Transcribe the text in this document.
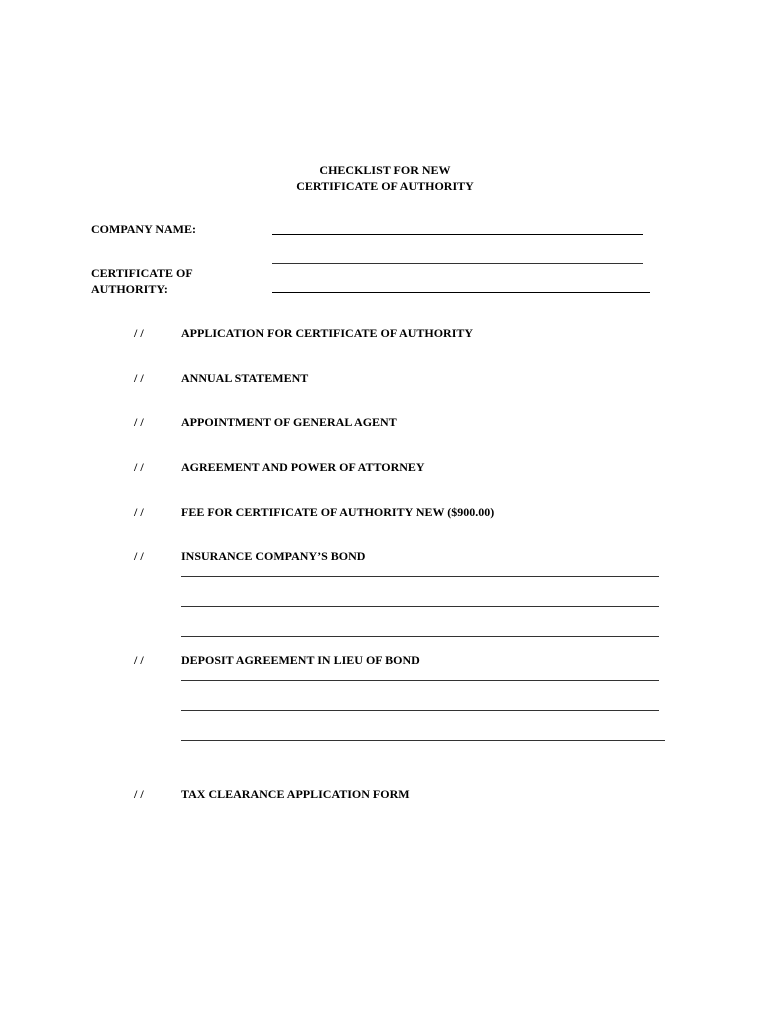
CHECKLIST FOR NEW
CERTIFICATE OF AUTHORITY
COMPANY NAME:
CERTIFICATE OF
AUTHORITY:
/ /	APPLICATION FOR CERTIFICATE OF AUTHORITY
/ /	ANNUAL STATEMENT
/ /	APPOINTMENT OF GENERAL AGENT
/ /	AGREEMENT AND POWER OF ATTORNEY
/ /	FEE FOR CERTIFICATE OF AUTHORITY NEW ($900.00)
/ /	INSURANCE COMPANY’S BOND
/ /	DEPOSIT AGREEMENT IN LIEU OF BOND
/ /	TAX CLEARANCE APPLICATION FORM
